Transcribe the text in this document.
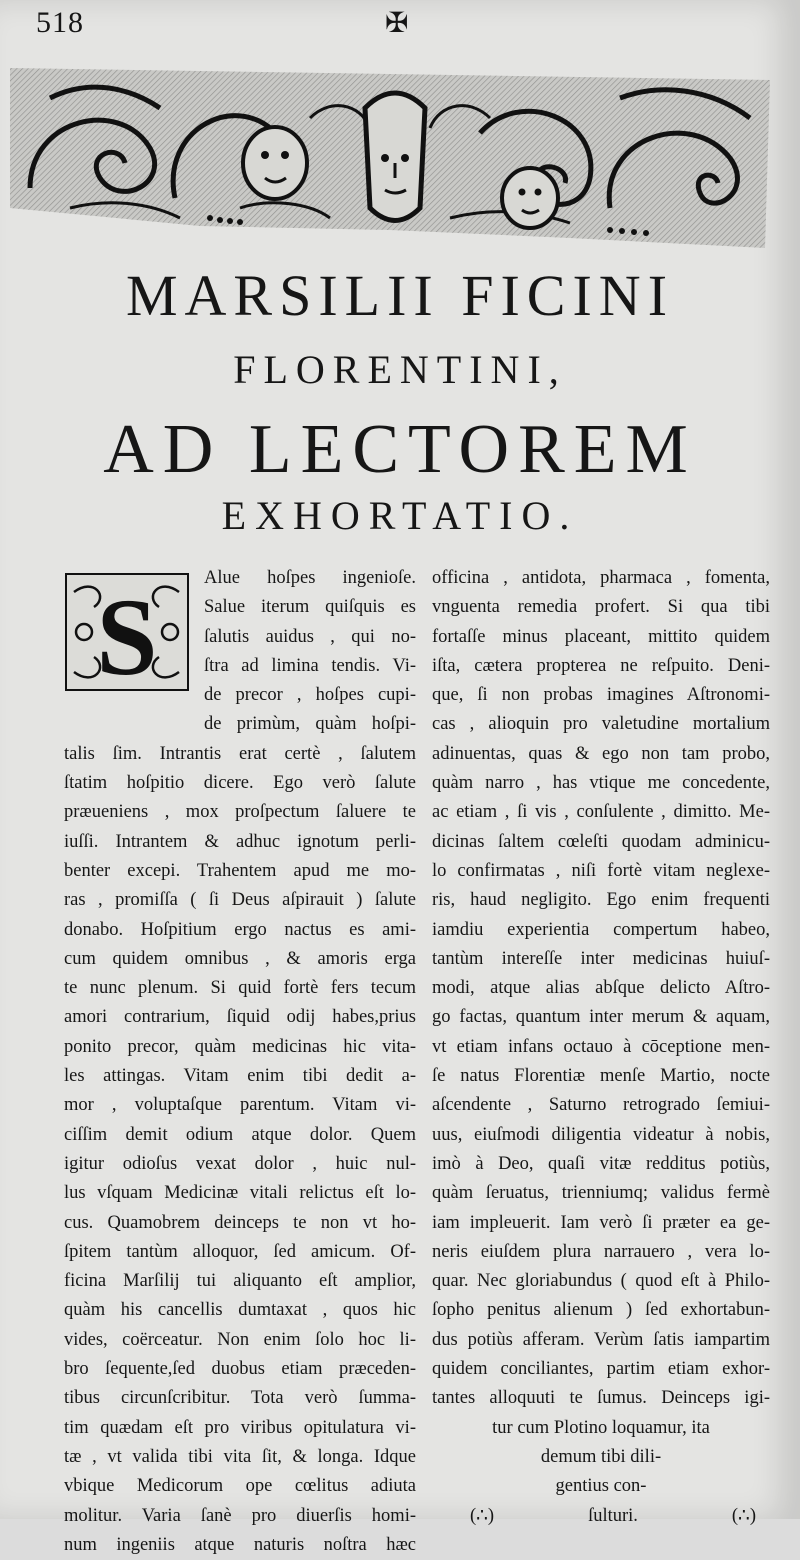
518	✠
MARSILII FICINI
FLORENTINI,
AD LECTOREM
EXHORTATIO.
S	Alue hoſpes ingenioſe.
Salue iterum quiſquis es
ſalutis auidus , qui no-
ſtra ad limina tendis. Vi-
de precor , hoſpes cupi-
de primùm, quàm hoſpi-
talis ſim. Intrantis erat certè , ſalutem
ſtatim hoſpitio dicere. Ego verò ſalute
præueniens , mox proſpectum ſaluere te
iuſſi. Intrantem & adhuc ignotum perli-
benter excepi. Trahentem apud me mo-
ras , promiſſa ( ſi Deus aſpirauit ) ſalute
donabo. Hoſpitium ergo nactus es ami-
cum quidem omnibus , & amoris erga
te nunc plenum. Si quid fortè fers tecum
amori contrarium, ſiquid odij habes,prius
ponito precor, quàm medicinas hic vita-
les attingas. Vitam enim tibi dedit a-
mor , voluptaſque parentum. Vitam vi-
ciſſim demit odium atque dolor. Quem
igitur odioſus vexat dolor , huic nul-
lus vſquam Medicinæ vitali relictus eſt lo-
cus. Quamobrem deinceps te non vt ho-
ſpitem tantùm alloquor, ſed amicum. Of-
ficina Marſilij tui aliquanto eſt amplior,
quàm his cancellis dumtaxat , quos hic
vides, coërceatur. Non enim ſolo hoc li-
bro ſequente,ſed duobus etiam præceden-
tibus circunſcribitur. Tota verò ſumma-
tim quædam eſt pro viribus opitulatura vi-
tæ , vt valida tibi vita ſit, & longa. Idque
vbique Medicorum ope cœlitus adiuta
molitur. Varia ſanè pro diuerſis homi-
num ingeniis atque naturis noſtra hæc
officina , antidota, pharmaca , fomenta,
vnguenta remedia profert. Si qua tibi
fortaſſe minus placeant, mittito quidem
iſta, cætera propterea ne reſpuito. Deni-
que, ſi non probas imagines Aſtronomi-
cas , alioquin pro valetudine mortalium
adinuentas, quas & ego non tam probo,
quàm narro , has vtique me concedente,
ac etiam , ſi vis , conſulente , dimitto. Me-
dicinas ſaltem cœleſti quodam adminicu-
lo confirmatas , niſi fortè vitam neglexe-
ris, haud negligito. Ego enim frequenti
iamdiu experientia compertum habeo,
tantùm intereſſe inter medicinas huiuſ-
modi, atque alias abſque delicto Aſtro-
go factas, quantum inter merum & aquam,
vt etiam infans octauo à cōceptione men-
ſe natus Florentiæ menſe Martio, nocte
aſcendente , Saturno retrogrado ſemiui-
uus, eiuſmodi diligentia videatur à nobis,
imò à Deo, quaſi vitæ redditus potiùs,
quàm ſeruatus, trienniumq; validus fermè
iam impleuerit. Iam verò ſi præter ea ge-
neris eiuſdem plura narrauero , vera lo-
quar. Nec gloriabundus ( quod eſt à Philo-
ſopho penitus alienum ) ſed exhortabun-
dus potiùs afferam. Verùm ſatis iampartim
quidem conciliantes, partim etiam exhor-
tantes alloquuti te ſumus. Deinceps igi-
tur cum Plotino loquamur, ita
demum tibi dili-
gentius con-
(∴)	ſulturi.	(∴)
